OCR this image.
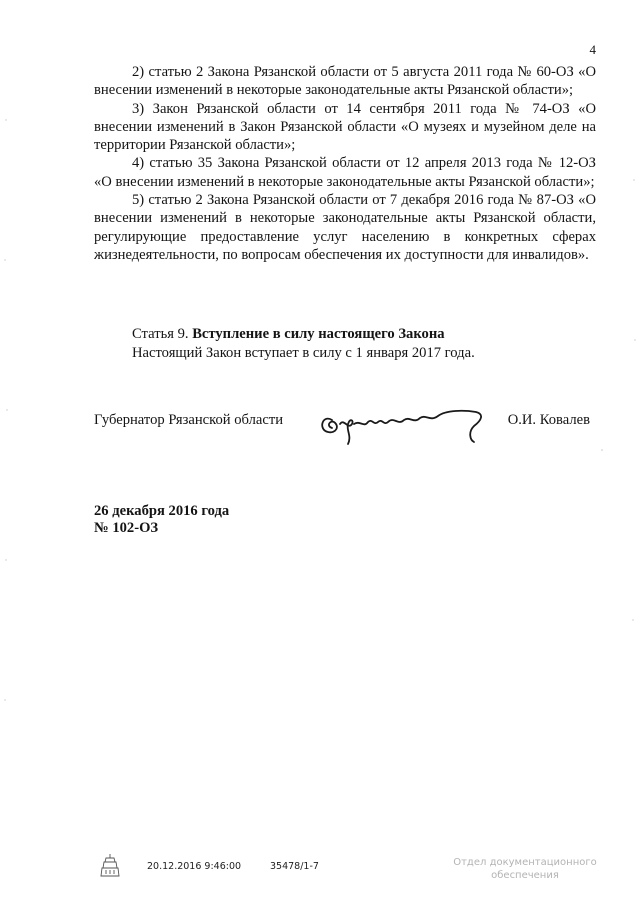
4

2) статью 2 Закона Рязанской области от 5 августа 2011 года № 60-ОЗ «О внесении изменений в некоторые законодательные акты Рязанской области»;

3) Закон Рязанской области от 14 сентября 2011 года № 74-ОЗ «О внесении изменений в Закон Рязанской области «О музеях и музейном деле на территории Рязанской области»;

4) статью 35 Закона Рязанской области от 12 апреля 2013 года № 12-ОЗ «О внесении изменений в некоторые законодательные акты Рязанской области»;

5) статью 2 Закона Рязанской области от 7 декабря 2016 года № 87-ОЗ «О внесении изменений в некоторые законодательные акты Рязанской области, регулирующие предоставление услуг населению в конкретных сферах жизнедеятельности, по вопросам обеспечения их доступности для инвалидов».

Статья 9. Вступление в силу настоящего Закона
Настоящий Закон вступает в силу с 1 января 2017 года.
Губернатор Рязанской области	О.И. Ковалев
26 декабря 2016 года
№ 102-ОЗ
20.12.2016 9:46:00	35478/1-7	Отдел документационного
обеспечения
